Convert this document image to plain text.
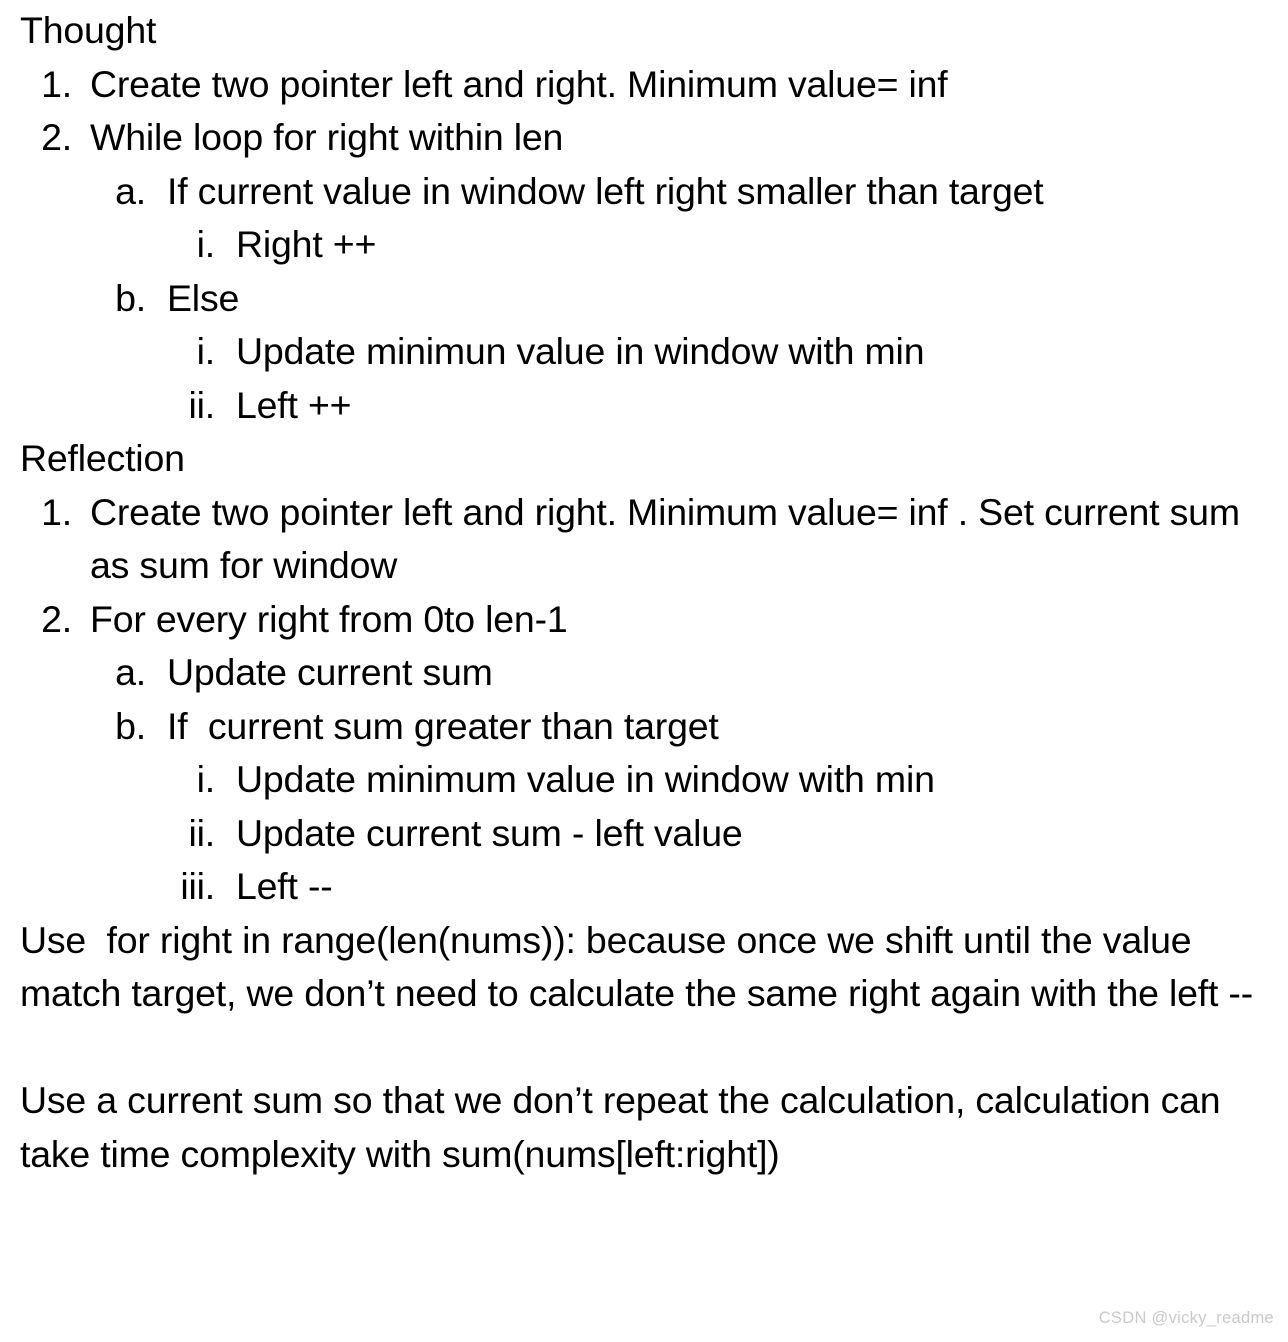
Thought
1. Create two pointer left and right. Minimum value= inf
2. While loop for right within len
a. If current value in window left right smaller than target
i. Right ++
b. Else
i. Update minimun value in window with min
ii. Left ++
Reflection
1. Create two pointer left and right. Minimum value= inf . Set current sum as sum for window
2. For every right from 0to len-1
a. Update current sum
b. If  current sum greater than target
i. Update minimum value in window with min
ii. Update current sum - left value
iii. Left --
Use  for right in range(len(nums)): because once we shift until the value match target, we don’t need to calculate the same right again with the left --
Use a current sum so that we don’t repeat the calculation, calculation can take time complexity with sum(nums[left:right])
CSDN @vicky_readme
